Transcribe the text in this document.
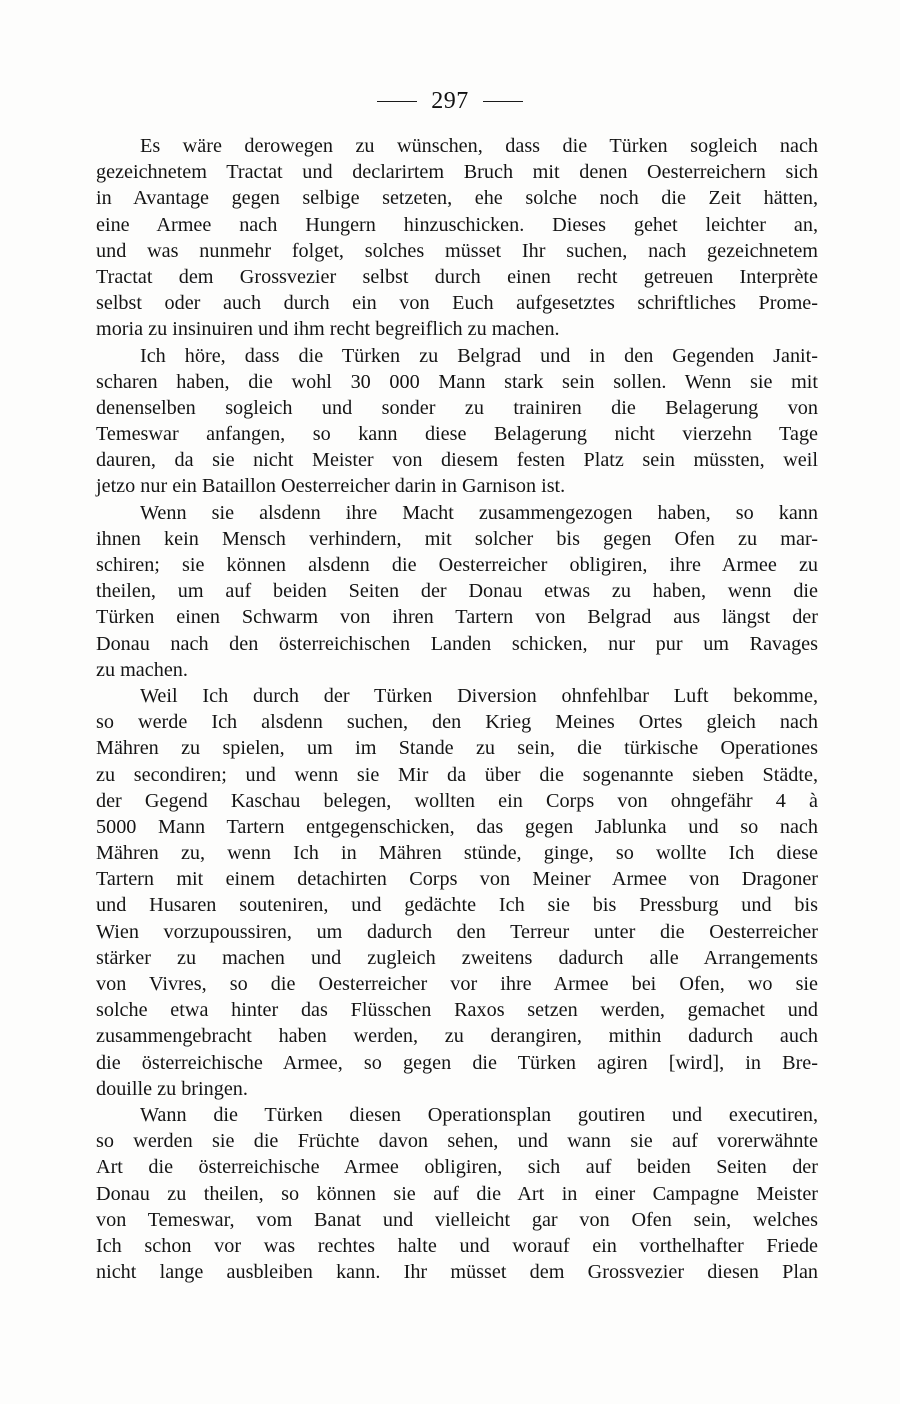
297
Es wäre derowegen zu wünschen, dass die Türken sogleich nach
gezeichnetem Tractat und declarirtem Bruch mit denen Oesterreichern sich
in Avantage gegen selbige setzeten, ehe solche noch die Zeit hätten,
eine Armee nach Hungern hinzuschicken. Dieses gehet leichter an,
und was nunmehr folget, solches müsset Ihr suchen, nach gezeichnetem
Tractat dem Grossvezier selbst durch einen recht getreuen Interprète
selbst oder auch durch ein von Euch aufgesetztes schriftliches Prome-
moria zu insinuiren und ihm recht begreiflich zu machen.
Ich höre, dass die Türken zu Belgrad und in den Gegenden Janit-
scharen haben, die wohl 30 000 Mann stark sein sollen. Wenn sie mit
denenselben sogleich und sonder zu trainiren die Belagerung von
Temeswar anfangen, so kann diese Belagerung nicht vierzehn Tage
dauren, da sie nicht Meister von diesem festen Platz sein müssten, weil
jetzo nur ein Bataillon Oesterreicher darin in Garnison ist.
Wenn sie alsdenn ihre Macht zusammengezogen haben, so kann
ihnen kein Mensch verhindern, mit solcher bis gegen Ofen zu mar-
schiren; sie können alsdenn die Oesterreicher obligiren, ihre Armee zu
theilen, um auf beiden Seiten der Donau etwas zu haben, wenn die
Türken einen Schwarm von ihren Tartern von Belgrad aus längst der
Donau nach den österreichischen Landen schicken, nur pur um Ravages
zu machen.
Weil Ich durch der Türken Diversion ohnfehlbar Luft bekomme,
so werde Ich alsdenn suchen, den Krieg Meines Ortes gleich nach
Mähren zu spielen, um im Stande zu sein, die türkische Operationes
zu secondiren; und wenn sie Mir da über die sogenannte sieben Städte,
der Gegend Kaschau belegen, wollten ein Corps von ohngefähr 4 à
5000 Mann Tartern entgegenschicken, das gegen Jablunka und so nach
Mähren zu, wenn Ich in Mähren stünde, ginge, so wollte Ich diese
Tartern mit einem detachirten Corps von Meiner Armee von Dragoner
und Husaren souteniren, und gedächte Ich sie bis Pressburg und bis
Wien vorzupoussiren, um dadurch den Terreur unter die Oesterreicher
stärker zu machen und zugleich zweitens dadurch alle Arrangements
von Vivres, so die Oesterreicher vor ihre Armee bei Ofen, wo sie
solche etwa hinter das Flüsschen Raxos setzen werden, gemachet und
zusammengebracht haben werden, zu derangiren, mithin dadurch auch
die österreichische Armee, so gegen die Türken agiren [wird], in Bre-
douille zu bringen.
Wann die Türken diesen Operationsplan goutiren und executiren,
so werden sie die Früchte davon sehen, und wann sie auf vorerwähnte
Art die österreichische Armee obligiren, sich auf beiden Seiten der
Donau zu theilen, so können sie auf die Art in einer Campagne Meister
von Temeswar, vom Banat und vielleicht gar von Ofen sein, welches
Ich schon vor was rechtes halte und worauf ein vorthelhafter Friede
nicht lange ausbleiben kann. Ihr müsset dem Grossvezier diesen Plan
